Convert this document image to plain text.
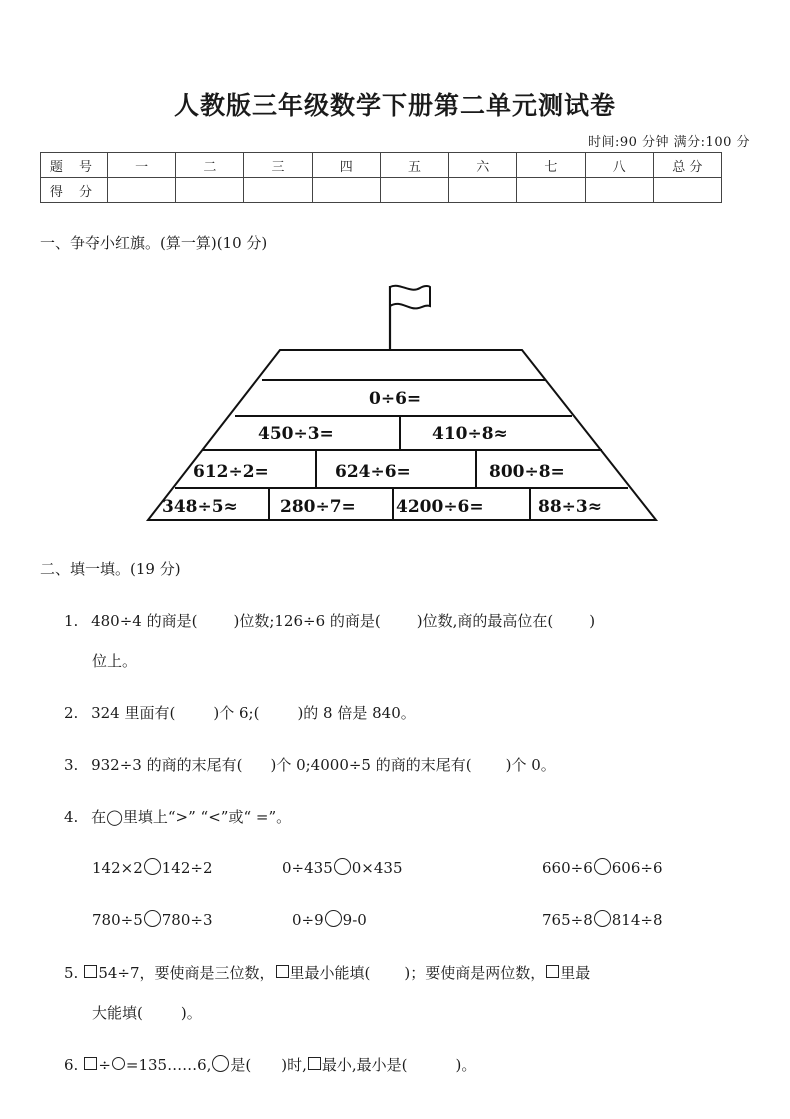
人教版三年级数学下册第二单元测试卷
时间:90 分钟 满分:100 分
题 号	一	二	三	四	五	六	七	八	总 分
得 分									
一、争夺小红旗。(算一算)(10 分)
0÷6=
450÷3=	410÷8≈
612÷2=	624÷6=	800÷8=
348÷5≈ 280÷7= 4200÷6=	88÷3≈
二、填一填。(19 分)
1. 480÷4 的商是( )位数;126÷6 的商是( )位数,商的最高位在( )
位上。
2. 324 里面有(	)个 6;(	)的 8 倍是 840。
3. 932÷3 的商的末尾有( )个 0;4000÷5 的商的末尾有( )个 0。
4. 在◯里填上“>” “<”或“ =”。
142×2 142÷2	0÷435 0×435	660÷6 606÷6
780÷5 780÷3	0÷9 9-0	765÷8 814÷8
5. 54÷7，要使商是三位数， 里最小能填( )；要使商是两位数， 里最
大能填(	)。
6. ÷ =135……6, 是( )时, 最小,最小是(	)。
